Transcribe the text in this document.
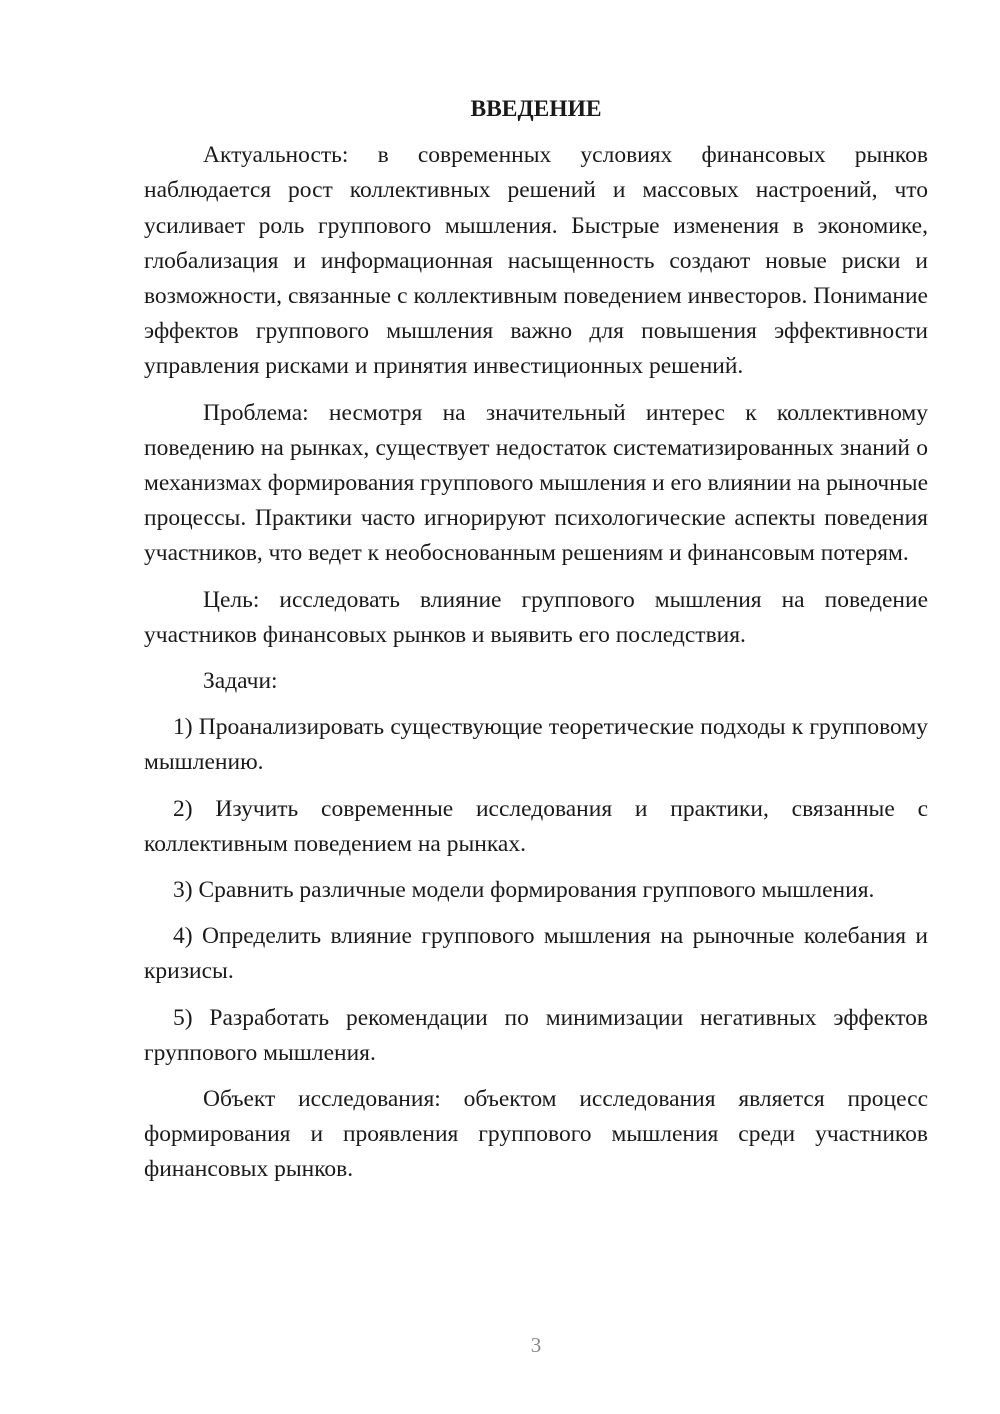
ВВЕДЕНИЕ

Актуальность: в современных условиях финансовых рынков наблюдается рост коллективных решений и массовых настроений, что усиливает роль группового мышления. Быстрые изменения в экономике, глобализация и информационная насыщенность создают новые риски и возможности, связанные с коллективным поведением инвесторов. Понимание эффектов группового мышления важно для повышения эффективности управления рисками и принятия инвестиционных решений.

Проблема: несмотря на значительный интерес к коллективному поведению на рынках, существует недостаток систематизированных знаний о механизмах формирования группового мышления и его влиянии на рыночные процессы. Практики часто игнорируют психологические аспекты поведения участников, что ведет к необоснованным решениям и финансовым потерям.

Цель: исследовать влияние группового мышления на поведение участников финансовых рынков и выявить его последствия.

Задачи:

1) Проанализировать существующие теоретические подходы к групповому мышлению.

2) Изучить современные исследования и практики, связанные с коллективным поведением на рынках.

3) Сравнить различные модели формирования группового мышления.

4) Определить влияние группового мышления на рыночные колебания и кризисы.

5) Разработать рекомендации по минимизации негативных эффектов группового мышления.

Объект исследования: объектом исследования является процесс формирования и проявления группового мышления среди участников финансовых рынков.

3
